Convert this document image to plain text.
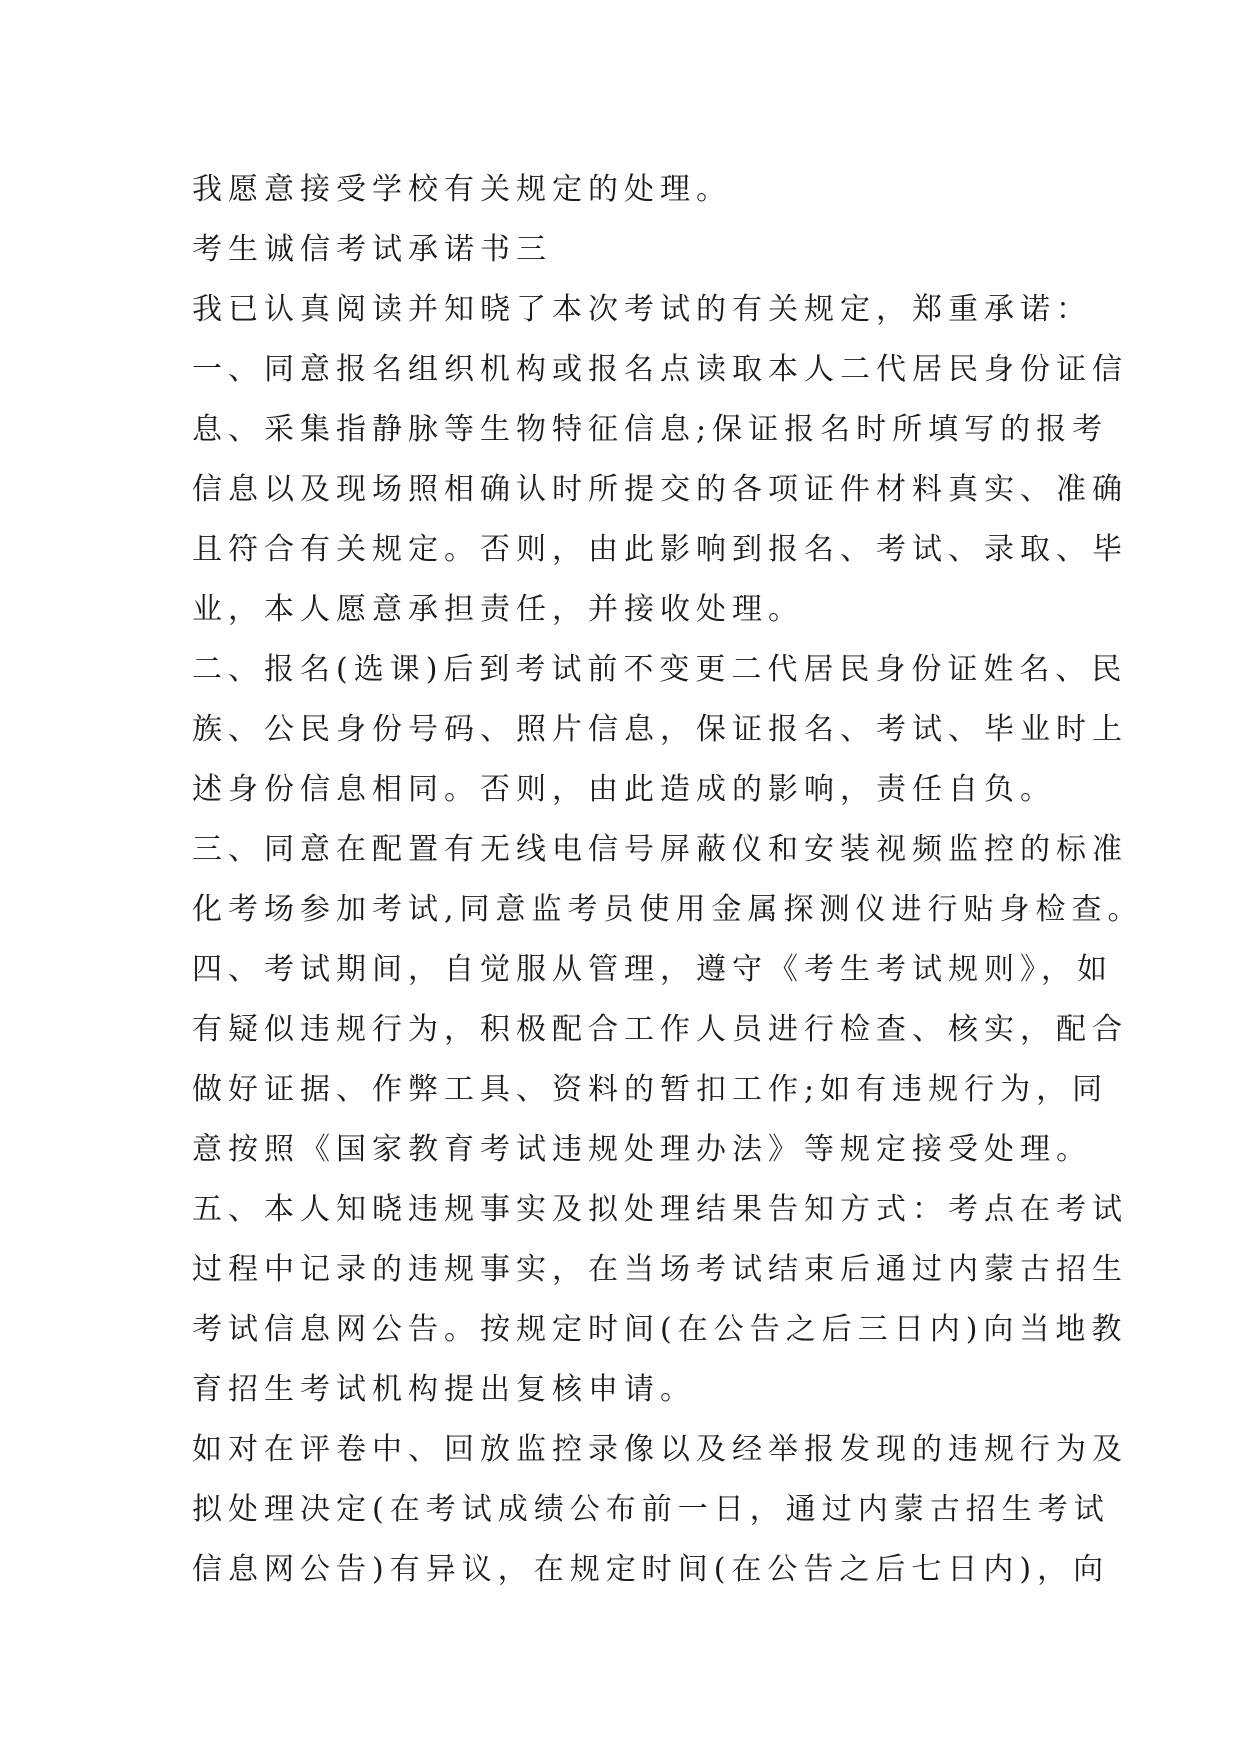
我愿意接受学校有关规定的处理。
考生诚信考试承诺书三
我已认真阅读并知晓了本次考试的有关规定，郑重承诺：
一、同意报名组织机构或报名点读取本人二代居民身份证信
息、采集指静脉等生物特征信息;保证报名时所填写的报考
信息以及现场照相确认时所提交的各项证件材料真实、准确
且符合有关规定。否则，由此影响到报名、考试、录取、毕
业，本人愿意承担责任，并接收处理。
二、报名(选课)后到考试前不变更二代居民身份证姓名、民
族、公民身份号码、照片信息，保证报名、考试、毕业时上
述身份信息相同。否则，由此造成的影响，责任自负。
三、同意在配置有无线电信号屏蔽仪和安装视频监控的标准
化考场参加考试,同意监考员使用金属探测仪进行贴身检查。
四、考试期间，自觉服从管理，遵守《考生考试规则》，如
有疑似违规行为，积极配合工作人员进行检查、核实，配合
做好证据、作弊工具、资料的暂扣工作;如有违规行为，同
意按照《国家教育考试违规处理办法》等规定接受处理。
五、本人知晓违规事实及拟处理结果告知方式：考点在考试
过程中记录的违规事实，在当场考试结束后通过内蒙古招生
考试信息网公告。按规定时间(在公告之后三日内)向当地教
育招生考试机构提出复核申请。
如对在评卷中、回放监控录像以及经举报发现的违规行为及
拟处理决定(在考试成绩公布前一日，通过内蒙古招生考试
信息网公告)有异议，在规定时间(在公告之后七日内)，向
